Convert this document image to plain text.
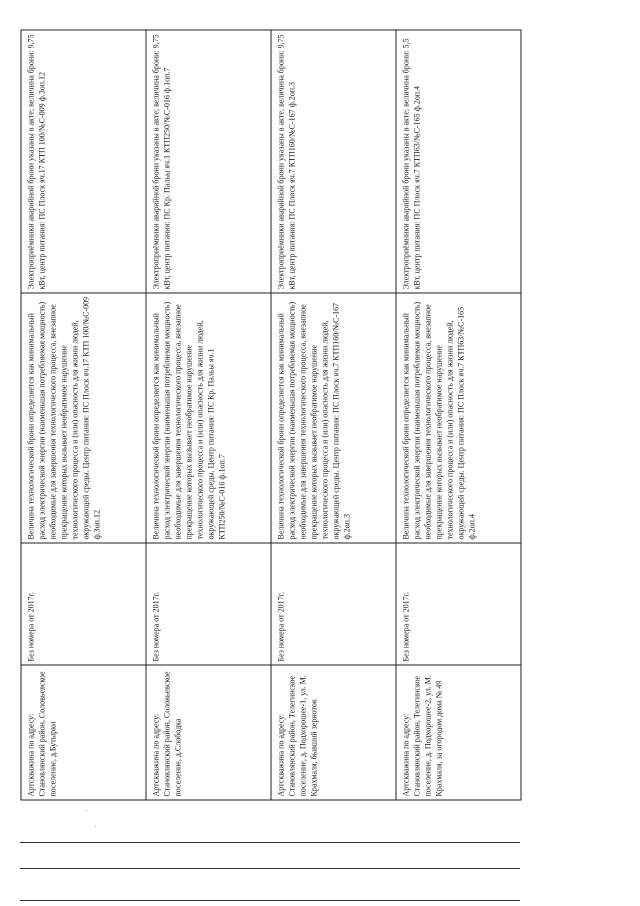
Артскважина по адресу: Становлянский район, Соловьевское поселение, д.Бутырки	Без номера от 2017г.	Величина технологической брони определяется как минимальный расход электрической энергии (наименьшая потребляемая мощность) необходимые для завершения технологического процесса, внезапное прекращение которых вызывает необратимое нарушение технологического процесса и (или) опасность для жизни людей, окружающей среды. Центр питания: ПС Плоск яч.17 КТП 100/№С-009 ф.3оп.12	Электроприёмники аварийной брони указаны в акте; величина брони: 9,75 кВт, центр питания: ПС Плоск яч.17 КТП 100/№С-009 ф.3оп.12
Артскважина по адресу: Становлянский район, Соловьевское поселение, д.Слободка	Без номера от 2017г.	Величина технологической брони определяется как минимальный расход электрической энергии (наименьшая потребляемая мощность) необходимые для завершения технологического процесса, внезапное прекращение которых вызывает необратимое нарушение технологического процесса и (или) опасность для жизни людей, окружающей среды. Центр питания: ПС Кр. Пальы яч.1 КТП250/№С-016 ф.1оп.7	Электроприёмники аварийной брони указаны в акте; величина брони: 9,75 кВт, центр питания: ПС Кр. Пальы яч.1 КТП250/№С-016 ф.1оп.7
Артскважина по адресу: Становлянский район, Телегинское поселение, д. Подхорошее-1, ул. М. Крахмаля, бывший зерноток	Без номера от 2017г.	Величина технологической брони определяется как минимальный расход электрической энергии (наименьшая потребляемая мощность) необходимые для завершения технологического процесса, внезапное прекращение которых вызывает необратимое нарушение технологического процесса и (или) опасность для жизни людей, окружающей среды. Центр питания: ПС Плоск яч.7 КТП160/№С-167 ф.2оп.3	Электроприёмники аварийной брони указаны в акте; величина брони: 9,75 кВт, центр питания: ПС Плоск яч.7 КТП160/№С-167 ф.2оп.3
Артскважина по адресу: Становлянский район, Телегинское поселение, д. Подхорошее-2, ул. М. Крахмаля, за огородом дома № 49	Без номера от 2017г.	Величина технологической брони определяется как минимальный расход электрической энергии (наименьшая потребляемая мощность) необходимые для завершения технологического процесса, внезапное прекращение которых вызывает необратимое нарушение технологического процесса и (или) опасность для жизни людей, окружающей среды. Центр питания: ПС Плоск яч.7 КТП63/№С-165 ф.2оп.4	Электроприёмники аварийной брони указаны в акте; величина брони: 5,5 кВт, центр питания: ПС Плоск яч.7 КТП63/№С-165 ф.2оп.4
